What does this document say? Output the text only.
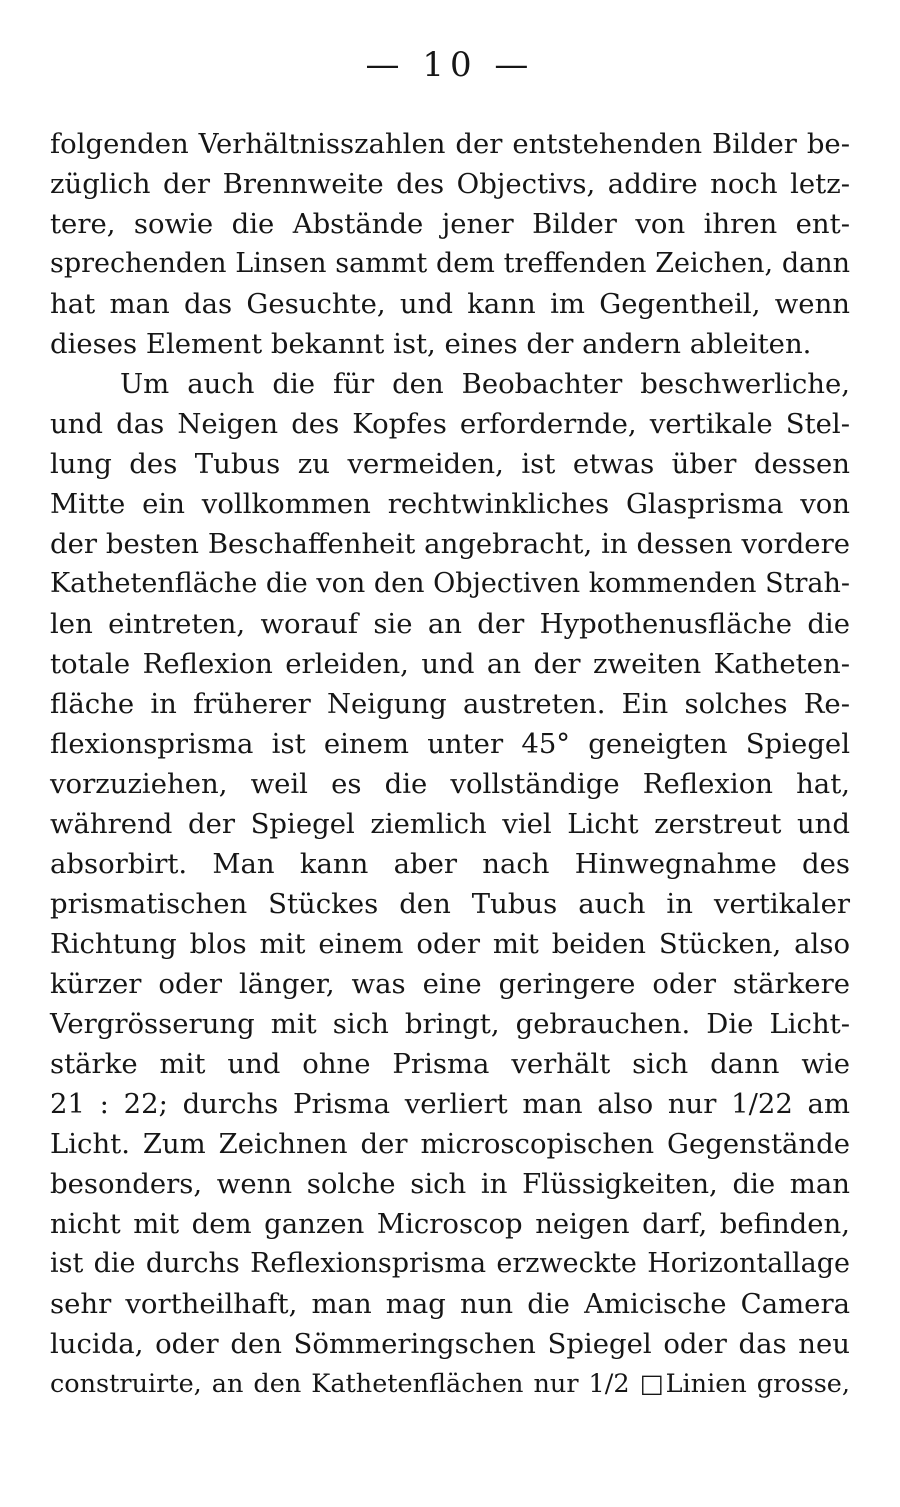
— 10 —
folgenden Verhältnisszahlen der entstehenden Bilder be-
züglich der Brennweite des Objectivs, addire noch letz-
tere, sowie die Abstände jener Bilder von ihren ent-
sprechenden Linsen sammt dem treffenden Zeichen, dann
hat man das Gesuchte, und kann im Gegentheil, wenn
dieses Element bekannt ist, eines der andern ableiten.
Um auch die für den Beobachter beschwerliche,
und das Neigen des Kopfes erfordernde, vertikale Stel-
lung des Tubus zu vermeiden, ist etwas über dessen
Mitte ein vollkommen rechtwinkliches Glasprisma von
der besten Beschaffenheit angebracht, in dessen vordere
Kathetenfläche die von den Objectiven kommenden Strah-
len eintreten, worauf sie an der Hypothenusfläche die
totale Reflexion erleiden, und an der zweiten Katheten-
fläche in früherer Neigung austreten. Ein solches Re-
flexionsprisma ist einem unter 45° geneigten Spiegel
vorzuziehen, weil es die vollständige Reflexion hat,
während der Spiegel ziemlich viel Licht zerstreut und
absorbirt. Man kann aber nach Hinwegnahme des
prismatischen Stückes den Tubus auch in vertikaler
Richtung blos mit einem oder mit beiden Stücken, also
kürzer oder länger, was eine geringere oder stärkere
Vergrösserung mit sich bringt, gebrauchen. Die Licht-
stärke mit und ohne Prisma verhält sich dann wie
21 : 22; durchs Prisma verliert man also nur 1/22 am
Licht. Zum Zeichnen der microscopischen Gegenstände
besonders, wenn solche sich in Flüssigkeiten, die man
nicht mit dem ganzen Microscop neigen darf, befinden,
ist die durchs Reflexionsprisma erzweckte Horizontallage
sehr vortheilhaft, man mag nun die Amicische Camera
lucida, oder den Sömmeringschen Spiegel oder das neu
construirte, an den Kathetenflächen nur 1/2 □Linien grosse,
